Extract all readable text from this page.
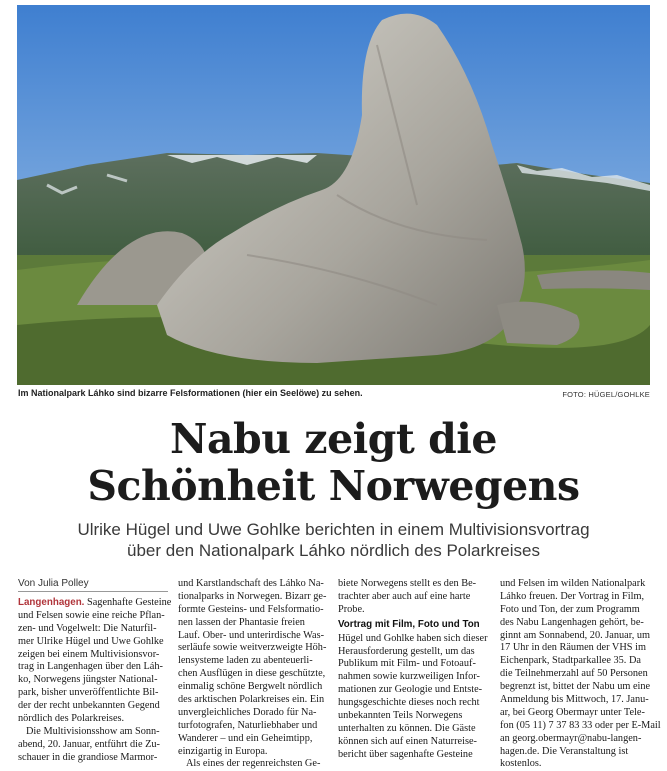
Im Nationalpark Láhko sind bizarre Felsformationen (hier ein Seelöwe) zu sehen.	FOTO: HÜGEL/GOHLKE
Nabu zeigt die
Schönheit Norwegens
Ulrike Hügel und Uwe Gohlke berichten in einem Multivisionsvortrag
über den Nationalpark Láhko nördlich des Polarkreises
Von Julia Polley
Langenhagen. Sagenhafte Gesteine
und Felsen sowie eine reiche Pflan-
zen- und Vogelwelt: Die Naturfil-
mer Ulrike Hügel und Uwe Gohlke
zeigen bei einem Multivisionsvor-
trag in Langenhagen über den Láh-
ko, Norwegens jüngster National-
park, bisher unveröffentlichte Bil-
der der recht unbekannten Gegend
nördlich des Polarkreises.
Die Multivisionsshow am Sonn-
abend, 20. Januar, entführt die Zu-
schauer in die grandiose Marmor-
und Karstlandschaft des Láhko Na-
tionalparks in Norwegen. Bizarr ge-
formte Gesteins- und Felsformatio-
nen lassen der Phantasie freien
Lauf. Ober- und unterirdische Was-
serläufe sowie weitverzweigte Höh-
lensysteme laden zu abenteuerli-
chen Ausflügen in diese geschützte,
einmalig schöne Bergwelt nördlich
des arktischen Polarkreises ein. Ein
unvergleichliches Dorado für Na-
turfotografen, Naturliebhaber und
Wanderer – und ein Geheimtipp,
einzigartig in Europa.
Als eines der regenreichsten Ge-
biete Norwegens stellt es den Be-
trachter aber auch auf eine harte
Probe.
Vortrag mit Film, Foto und Ton
Hügel und Gohlke haben sich dieser
Herausforderung gestellt, um das
Publikum mit Film- und Fotoauf-
nahmen sowie kurzweiligen Infor-
mationen zur Geologie und Entste-
hungsgeschichte dieses noch recht
unbekannten Teils Norwegens
unterhalten zu können. Die Gäste
können sich auf einen Naturreise-
bericht über sagenhafte Gesteine
und Felsen im wilden Nationalpark
Láhko freuen. Der Vortrag in Film,
Foto und Ton, der zum Programm
des Nabu Langenhagen gehört, be-
ginnt am Sonnabend, 20. Januar, um
17 Uhr in den Räumen der VHS im
Eichenpark, Stadtparkallee 35. Da
die Teilnehmerzahl auf 50 Personen
begrenzt ist, bittet der Nabu um eine
Anmeldung bis Mittwoch, 17. Janu-
ar, bei Georg Obermayr unter Tele-
fon (05 11) 7 37 83 33 oder per E-Mail
an georg.obermayr@nabu-langen-
hagen.de. Die Veranstaltung ist
kostenlos.
